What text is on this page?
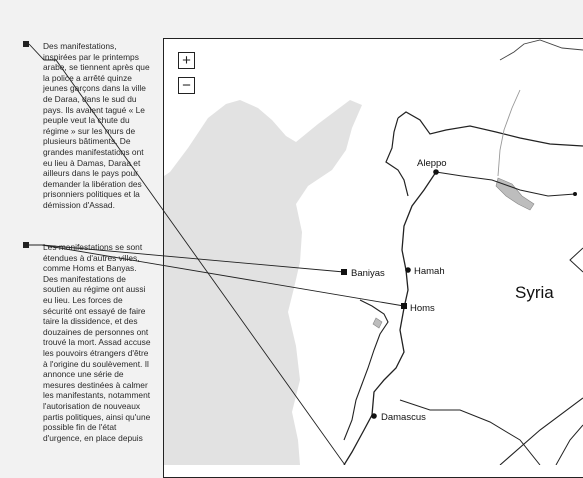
Des manifestations, inspirées par le printemps arabe, se tiennent après que la police a arrêté quinze jeunes garçons dans la ville de Daraa, dans le sud du pays. Ils avaient tagué « Le peuple veut la chute du régime » sur les murs de plusieurs bâtiments. De grandes manifestations ont eu lieu à Damas, Daraa et ailleurs dans le pays pour demander la libération des prisonniers politiques et la démission d'Assad.
Les manifestations se sont étendues à d'autres villes, comme Homs et Banyas. Des manifestations de soutien au régime ont aussi eu lieu. Les forces de sécurité ont essayé de faire taire la dissidence, et des douzaines de personnes ont trouvé la mort. Assad accuse les pouvoirs étrangers d'être à l'origine du soulèvement. Il annonce une série de mesures destinées à calmer les manifestants, notamment l'autorisation de nouveaux partis politiques, ainsi qu'une possible fin de l'état d'urgence, en place depuis
Aleppo
Baniyas	Hamah
Homs
Damascus
Syria
+
−
